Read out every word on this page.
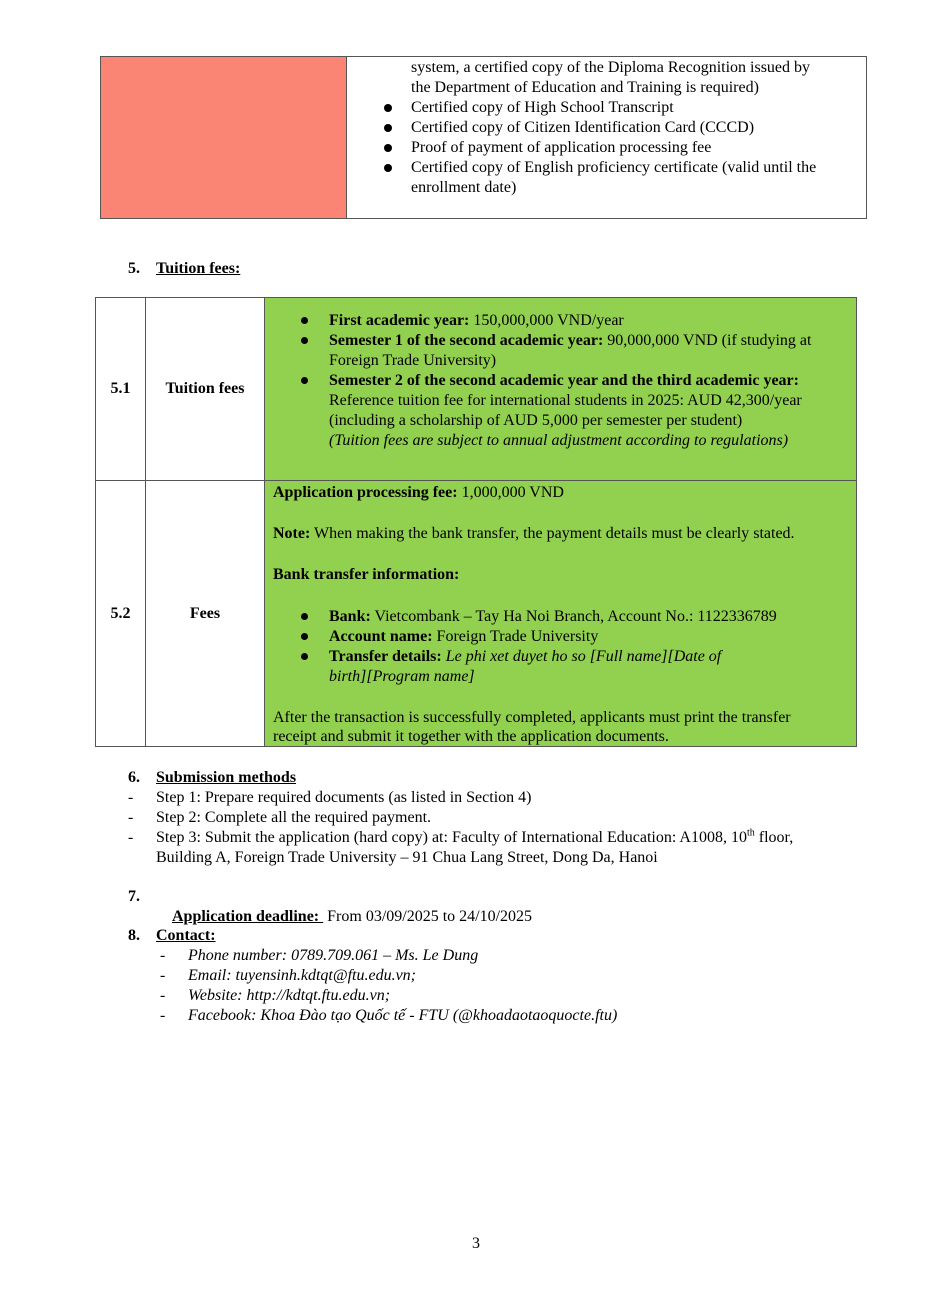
system, a certified copy of the Diploma Recognition issued by
the Department of Education and Training is required)
Certified copy of High School Transcript
Certified copy of Citizen Identification Card (CCCD)
Proof of payment of application processing fee
Certified copy of English proficiency certificate (valid until the
enrollment date)
5. Tuition fees:
5.1	Tuition fees
First academic year: 150,000,000 VND/year
Semester 1 of the second academic year: 90,000,000 VND (if studying at
Foreign Trade University)
Semester 2 of the second academic year and the third academic year:
Reference tuition fee for international students in 2025: AUD 42,300/year
(including a scholarship of AUD 5,000 per semester per student)
(Tuition fees are subject to annual adjustment according to regulations)
5.2	Fees
Application processing fee: 1,000,000 VND
Note: When making the bank transfer, the payment details must be clearly stated.
Bank transfer information:
Bank: Vietcombank – Tay Ha Noi Branch, Account No.: 1122336789
Account name: Foreign Trade University
Transfer details: Le phi xet duyet ho so [Full name][Date of
birth][Program name]
After the transaction is successfully completed, applicants must print the transfer
receipt and submit it together with the application documents.
6. Submission methods
- Step 1: Prepare required documents (as listed in Section 4)
- Step 2: Complete all the required payment.
- Step 3: Submit the application (hard copy) at: Faculty of International Education: A1008, 10th floor,
Building A, Foreign Trade University – 91 Chua Lang Street, Dong Da, Hanoi
7.

Application deadline:  From 03/09/2025 to 24/10/2025

8. Contact:
- Phone number: 0789.709.061 – Ms. Le Dung
- Email: tuyensinh.kdtqt@ftu.edu.vn;
- Website: http://kdtqt.ftu.edu.vn;
- Facebook: Khoa Đào tạo Quốc tế - FTU (@khoadaotaoquocte.ftu)
3
